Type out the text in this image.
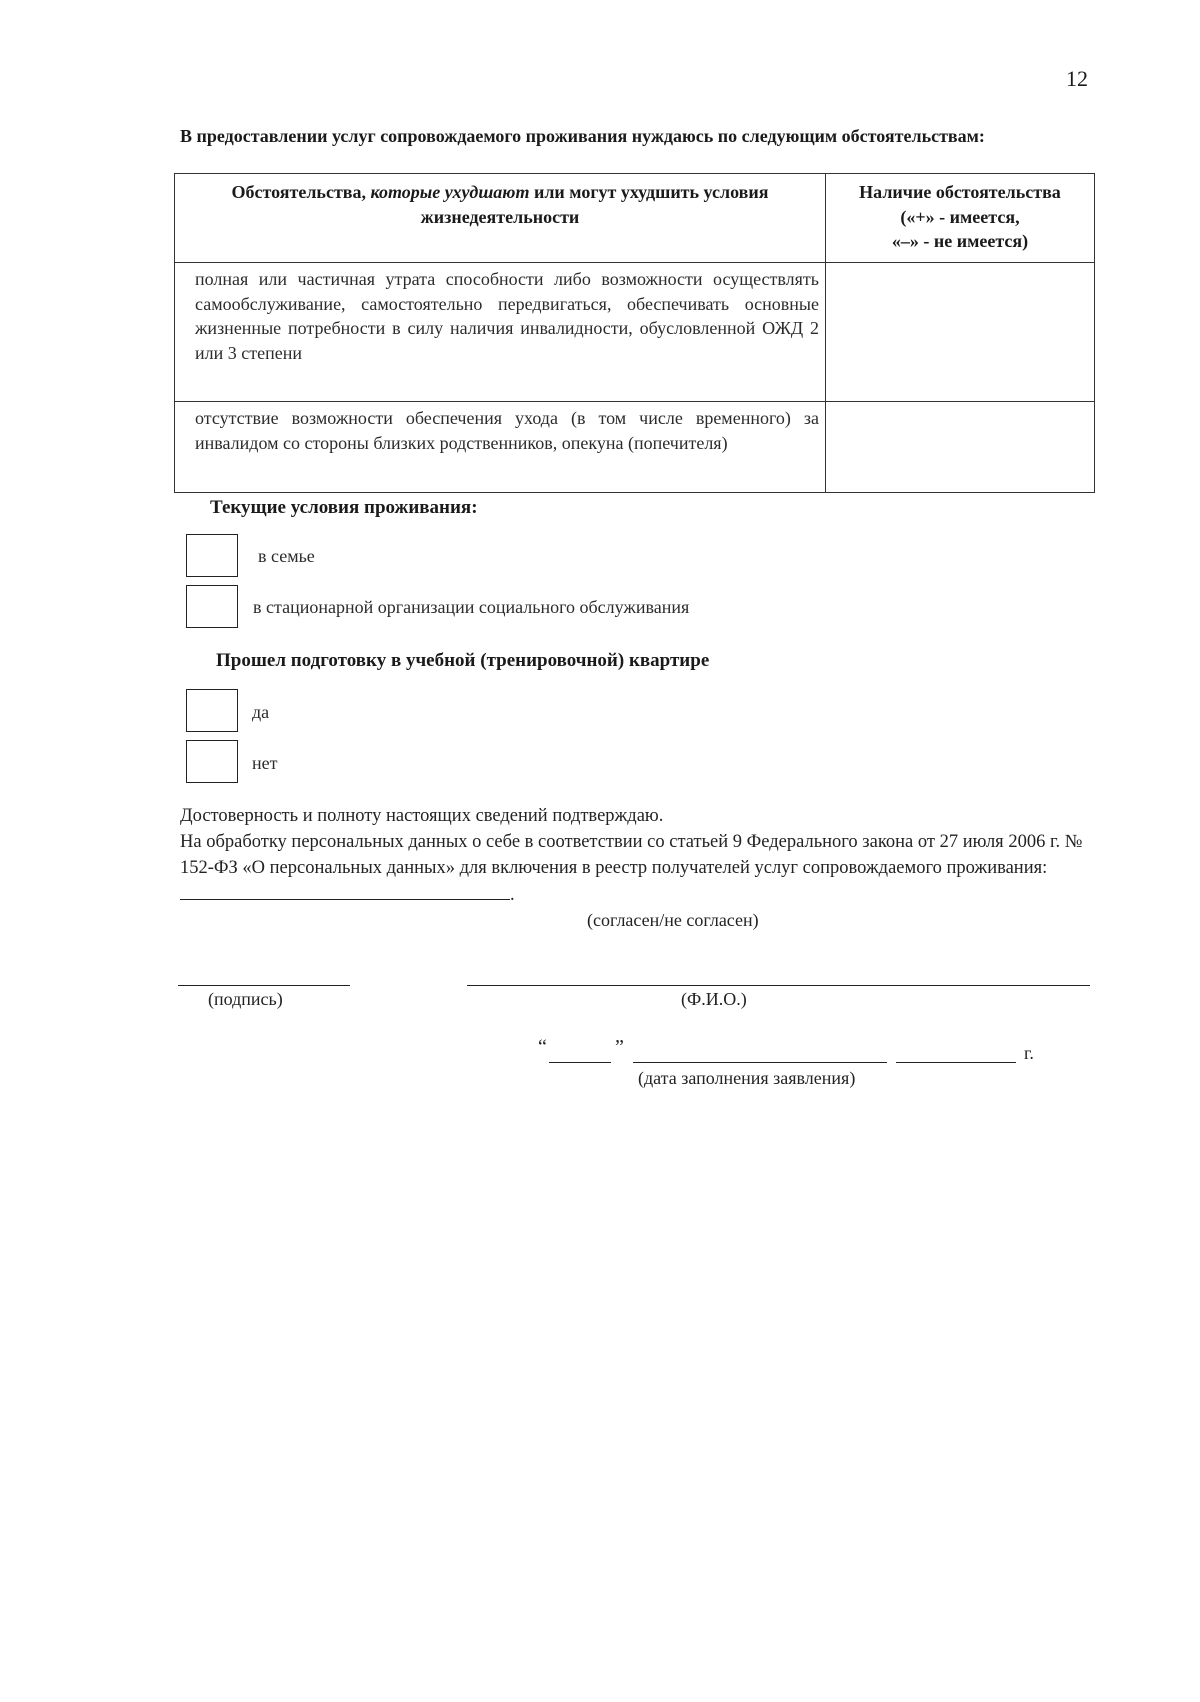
12
В предоставлении услуг сопровождаемого проживания нуждаюсь по следующим обстоятельствам:
Обстоятельства, которые ухудшают или могут ухудшить условия жизнедеятельности	Наличие обстоятельства
(«+» - имеется,
«–» - не имеется)

полная или частичная утрата способности либо возможности осуществлять самообслуживание, самостоятельно передвигаться, обеспечивать основные жизненные потребности в силу наличия инвалидности, обусловленной ОЖД 2 или 3 степени	
отсутствие возможности обеспечения ухода (в том числе временного) за инвалидом со стороны близких родственников, опекуна (попечителя)	
Текущие условия проживания:
в семье
в стационарной организации социального обслуживания
Прошел подготовку в учебной (тренировочной) квартире
да
нет
Достоверность и полноту настоящих сведений подтверждаю.
На обработку персональных данных о себе в соответствии со статьей 9 Федерального закона от 27 июля 2006 г. № 152-ФЗ «О персональных данных» для включения в реестр получателей услуг сопровождаемого проживания: .
(согласен/не согласен)
(подпись)	(Ф.И.О.)
“	”	г.
(дата заполнения заявления)
